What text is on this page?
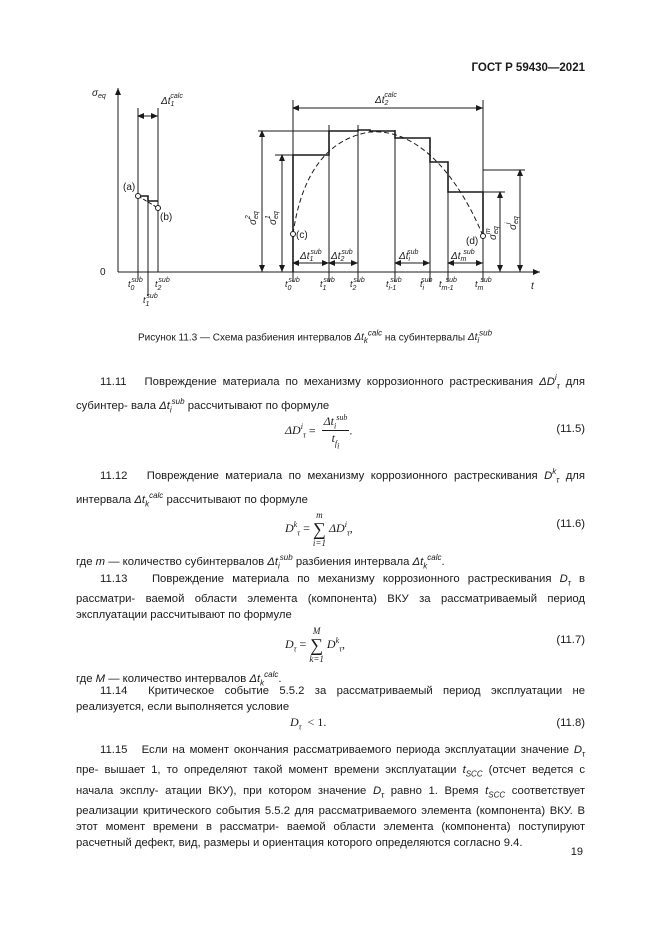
ГОСТ Р 59430—2021
$\sigma_{eq}$
0
t
$\Delta t_1calc$	$\Delta t_2calc$
(a)
(b)
(c)
(d)
$\Delta t_1sub$ $\Delta t_2sub$	$\Delta t_isub$	$\Delta t_msub$
$\sigma_{eq}2$
$\sigma_{eq}1$
$\sigma_{eq}m$
$\sigma_{eq}i$
$t_0sub$ $t_2sub$
$t_1sub$
$t_0sub$ $t_1sub$ $t_2sub$ $t_{i-1}sub$ $t_isub$ $t_{m-1}sub$ $t_msub$
Рисунок 11.3 — Схема разбиения интервалов $\Delta t_k^{calc}$ на субинтервалы $\Delta t_i^{sub}$
11.11 Повреждение материала по механизму коррозионного растрескивания $\Delta D^i_\tau$ для субинтер- вала $\Delta t_i^{sub}$ рассчитывают по формуле
$\Delta D^i_\tau$ =
$\Delta t_i^{sub}$
$t_{f_i}$
.	(11.5)
11.12 Повреждение материала по механизму коррозионного растрескивания $D^k_\tau$ для интервала $\Delta t_k^{calc}$ рассчитывают по формуле
$D^k_\tau$ =
m
∑
i=1
$\Delta D^i_\tau$,	(11.6)
где m — количество субинтервалов $\Delta t_i^{sub}$ разбиения интервала $\Delta t_k^{calc}$.
11.13 Повреждение материала по механизму коррозионного растрескивания $D_\tau$ в рассматри- ваемой области элемента (компонента) ВКУ за рассматриваемый период эксплуатации рассчитывают по формуле
$D_\tau$ =
M
∑
k=1
$D^k_\tau$,	(11.7)
где M — количество интервалов $\Delta t_k^{calc}$.
11.14 Критическое событие 5.5.2 за рассматриваемый период эксплуатации не реализуется, если выполняется условие
$D_\tau < 1$.	(11.8)
11.15 Если на момент окончания рассматриваемого периода эксплуатации значение $D_\tau$ пре- вышает 1, то определяют такой момент времени эксплуатации $t_{SCC}$ (отсчет ведется с начала эксплу- атации ВКУ), при котором значение $D_\tau$ равно 1. Время $t_{SCC}$ соответствует реализации критического события 5.5.2 для рассматриваемого элемента (компонента) ВКУ. В этот момент времени в рассматри- ваемой области элемента (компонента) поступируют расчетный дефект, вид, размеры и ориентация которого определяются согласно 9.4.
19
